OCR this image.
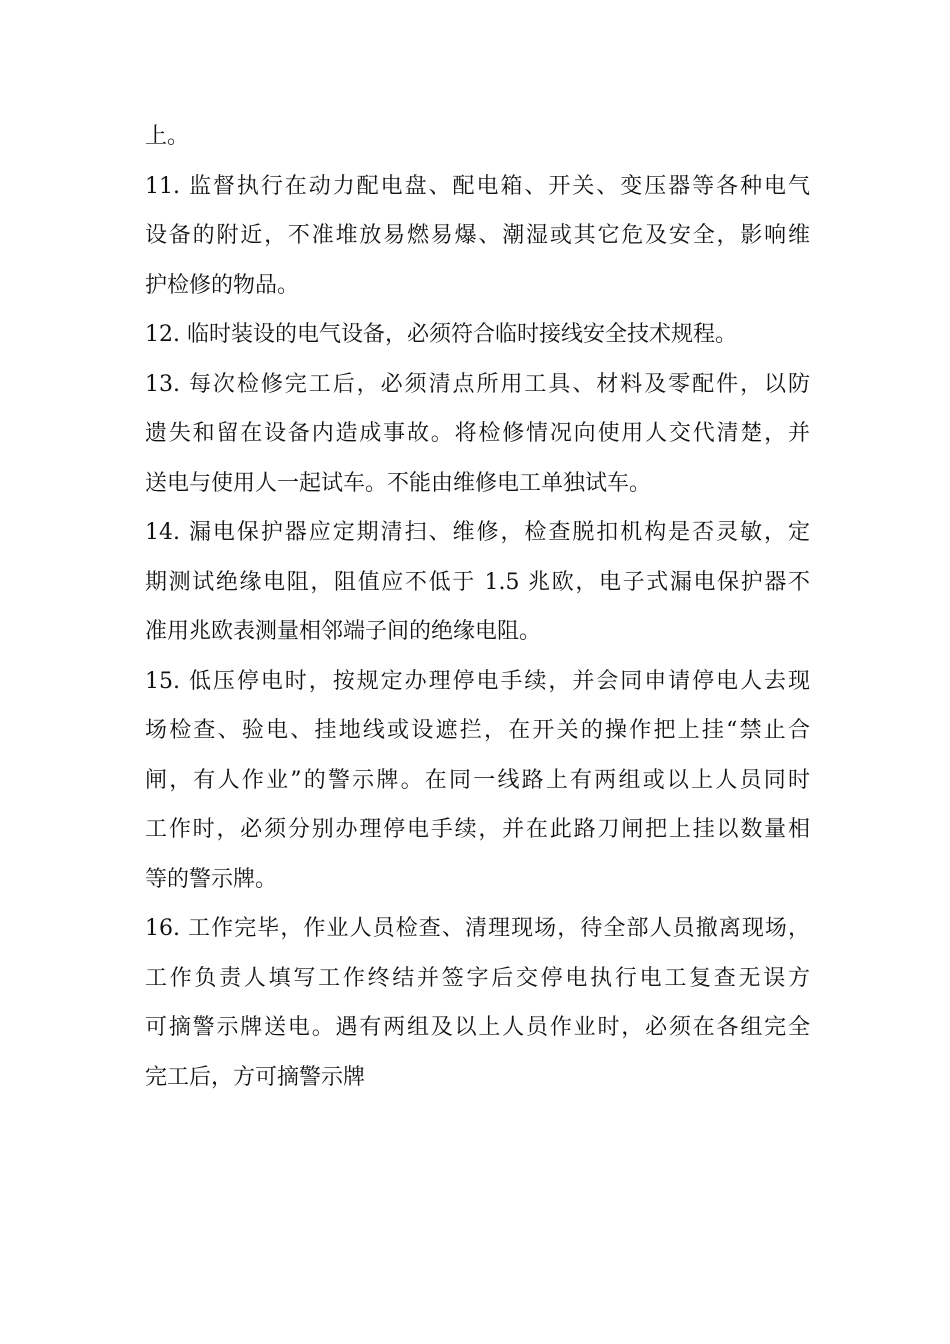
上。
11. 监督执行在动力配电盘、配电箱、开关、变压器等各种电气
设备的附近，不准堆放易燃易爆、潮湿或其它危及安全，影响维
护检修的物品。
12. 临时装设的电气设备，必须符合临时接线安全技术规程。
13. 每次检修完工后，必须清点所用工具、材料及零配件，以防
遗失和留在设备内造成事故。将检修情况向使用人交代清楚，并
送电与使用人一起试车。不能由维修电工单独试车。
14. 漏电保护器应定期清扫、维修，检查脱扣机构是否灵敏，定
期测试绝缘电阻，阻值应不低于 1.5 兆欧，电子式漏电保护器不
准用兆欧表测量相邻端子间的绝缘电阻。
15. 低压停电时，按规定办理停电手续，并会同申请停电人去现
场检查、验电、挂地线或设遮拦，在开关的操作把上挂“禁止合
闸，有人作业”的警示牌。在同一线路上有两组或以上人员同时
工作时，必须分别办理停电手续，并在此路刀闸把上挂以数量相
等的警示牌。
16. 工作完毕，作业人员检查、清理现场，待全部人员撤离现场，
工作负责人填写工作终结并签字后交停电执行电工复查无误方
可摘警示牌送电。遇有两组及以上人员作业时，必须在各组完全
完工后，方可摘警示牌
